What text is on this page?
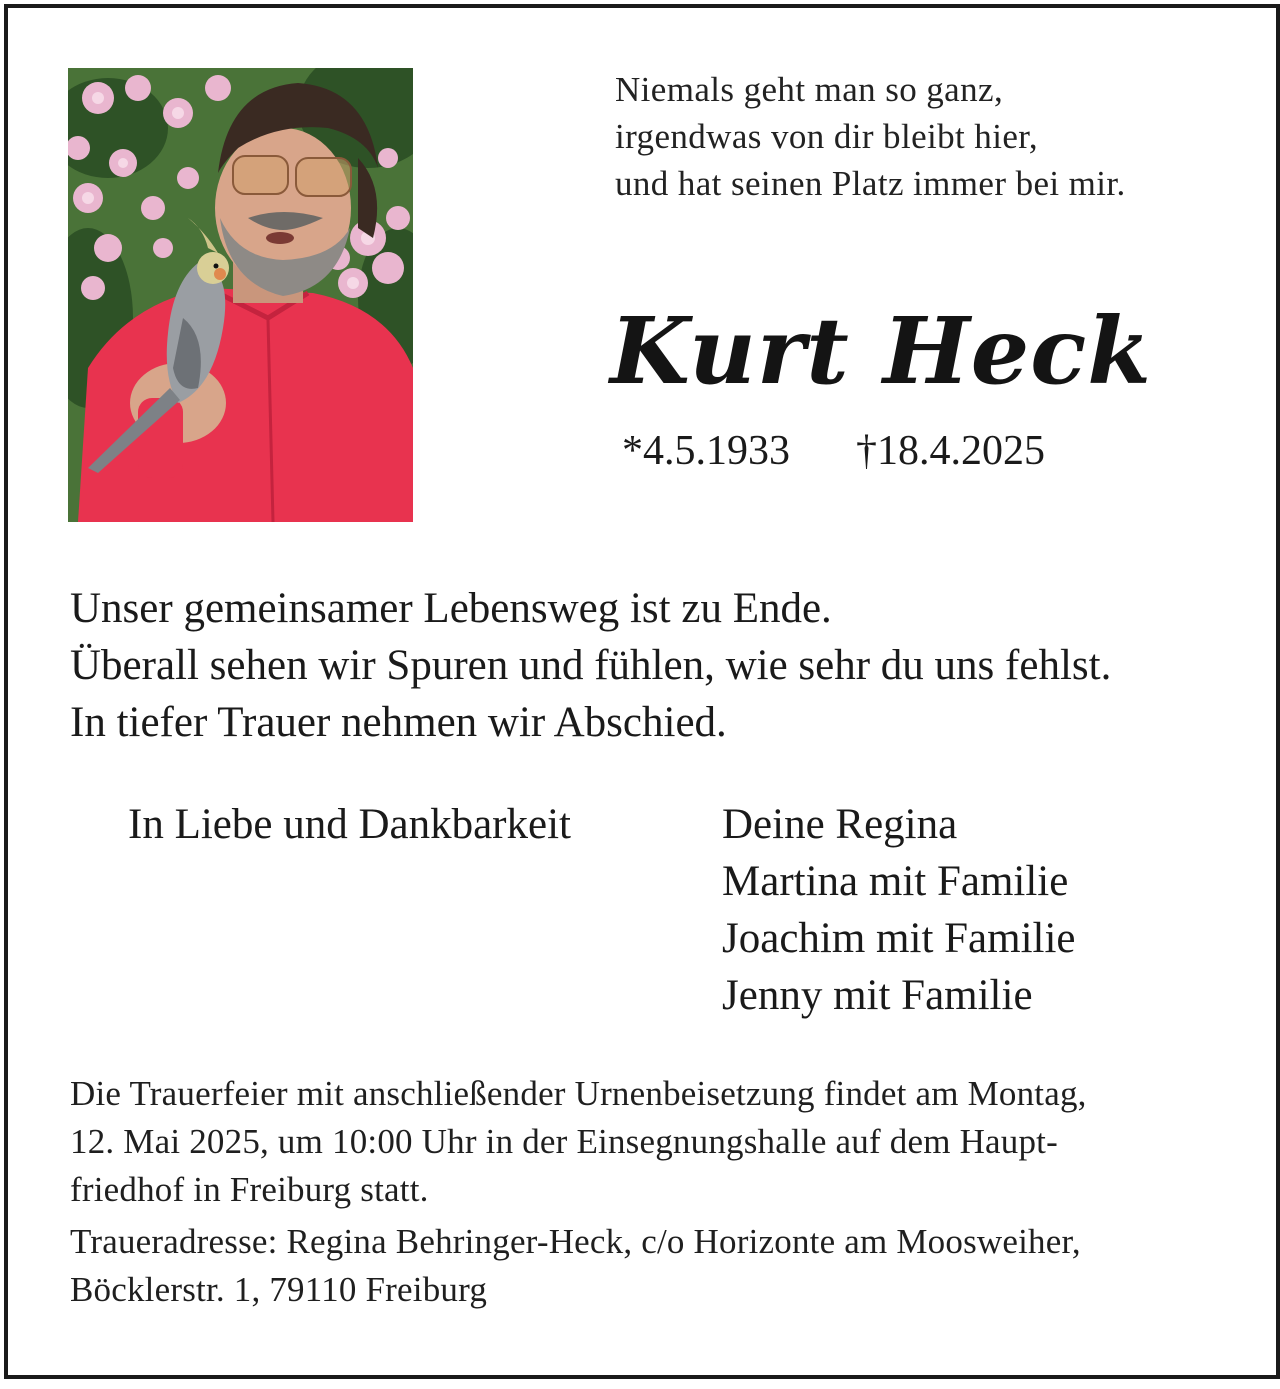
Niemals geht man so ganz,
irgendwas von dir bleibt hier,
und hat seinen Platz immer bei mir.
Kurt Heck
*4.5.1933 †18.4.2025
Unser gemeinsamer Lebensweg ist zu Ende.
Überall sehen wir Spuren und fühlen, wie sehr du uns fehlst.
In tiefer Trauer nehmen wir Abschied.
In Liebe und Dankbarkeit	Deine Regina
Martina mit Familie
Joachim mit Familie
Jenny mit Familie
Die Trauerfeier mit anschließender Urnenbeisetzung findet am Montag,
12. Mai 2025, um 10:00 Uhr in der Einsegnungshalle auf dem Haupt-
friedhof in Freiburg statt.
Traueradresse: Regina Behringer-Heck, c/o Horizonte am Moosweiher,
Böcklerstr. 1, 79110 Freiburg
